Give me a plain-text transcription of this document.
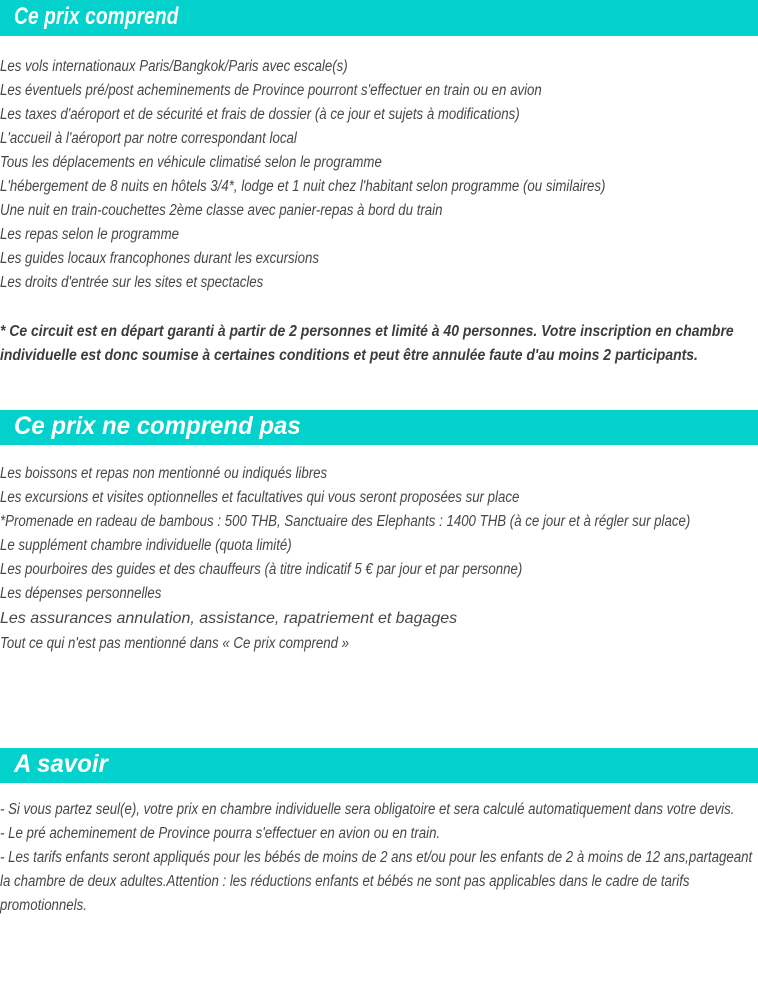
Ce prix comprend
Les vols internationaux Paris/Bangkok/Paris avec escale(s)
Les éventuels pré/post acheminements de Province pourront s'effectuer en train ou en avion
Les taxes d'aéroport et de sécurité et frais de dossier (à ce jour et sujets à modifications)
L'accueil à l'aéroport par notre correspondant local
Tous les déplacements en véhicule climatisé selon le programme
L'hébergement de 8 nuits en hôtels 3/4*, lodge et 1 nuit chez l'habitant selon programme (ou similaires)
Une nuit en train-couchettes 2ème classe avec panier-repas à bord du train
Les repas selon le programme
Les guides locaux francophones durant les excursions
Les droits d'entrée sur les sites et spectacles
* Ce circuit est en départ garanti à partir de 2 personnes et limité à 40 personnes. Votre inscription en chambre individuelle est donc soumise à certaines conditions et peut être annulée faute d'au moins 2 participants.
Ce prix ne comprend pas
Les boissons et repas non mentionné ou indiqués libres
Les excursions et visites optionnelles et facultatives qui vous seront proposées sur place
*Promenade en radeau de bambous : 500 THB, Sanctuaire des Elephants : 1400 THB (à ce jour et à régler sur place)
Le supplément chambre individuelle (quota limité)
Les pourboires des guides et des chauffeurs (à titre indicatif 5 € par jour et par personne)
Les dépenses personnelles
Les assurances annulation, assistance, rapatriement et bagages
Tout ce qui n'est pas mentionné dans « Ce prix comprend »
A savoir
- Si vous partez seul(e), votre prix en chambre individuelle sera obligatoire et sera calculé automatiquement dans votre devis.
- Le pré acheminement de Province pourra s'effectuer en avion ou en train.
- Les tarifs enfants seront appliqués pour les bébés de moins de 2 ans et/ou pour les enfants de 2 à moins de 12 ans,partageant la chambre de deux adultes.Attention : les réductions enfants et bébés ne sont pas applicables dans le cadre de tarifs promotionnels.
